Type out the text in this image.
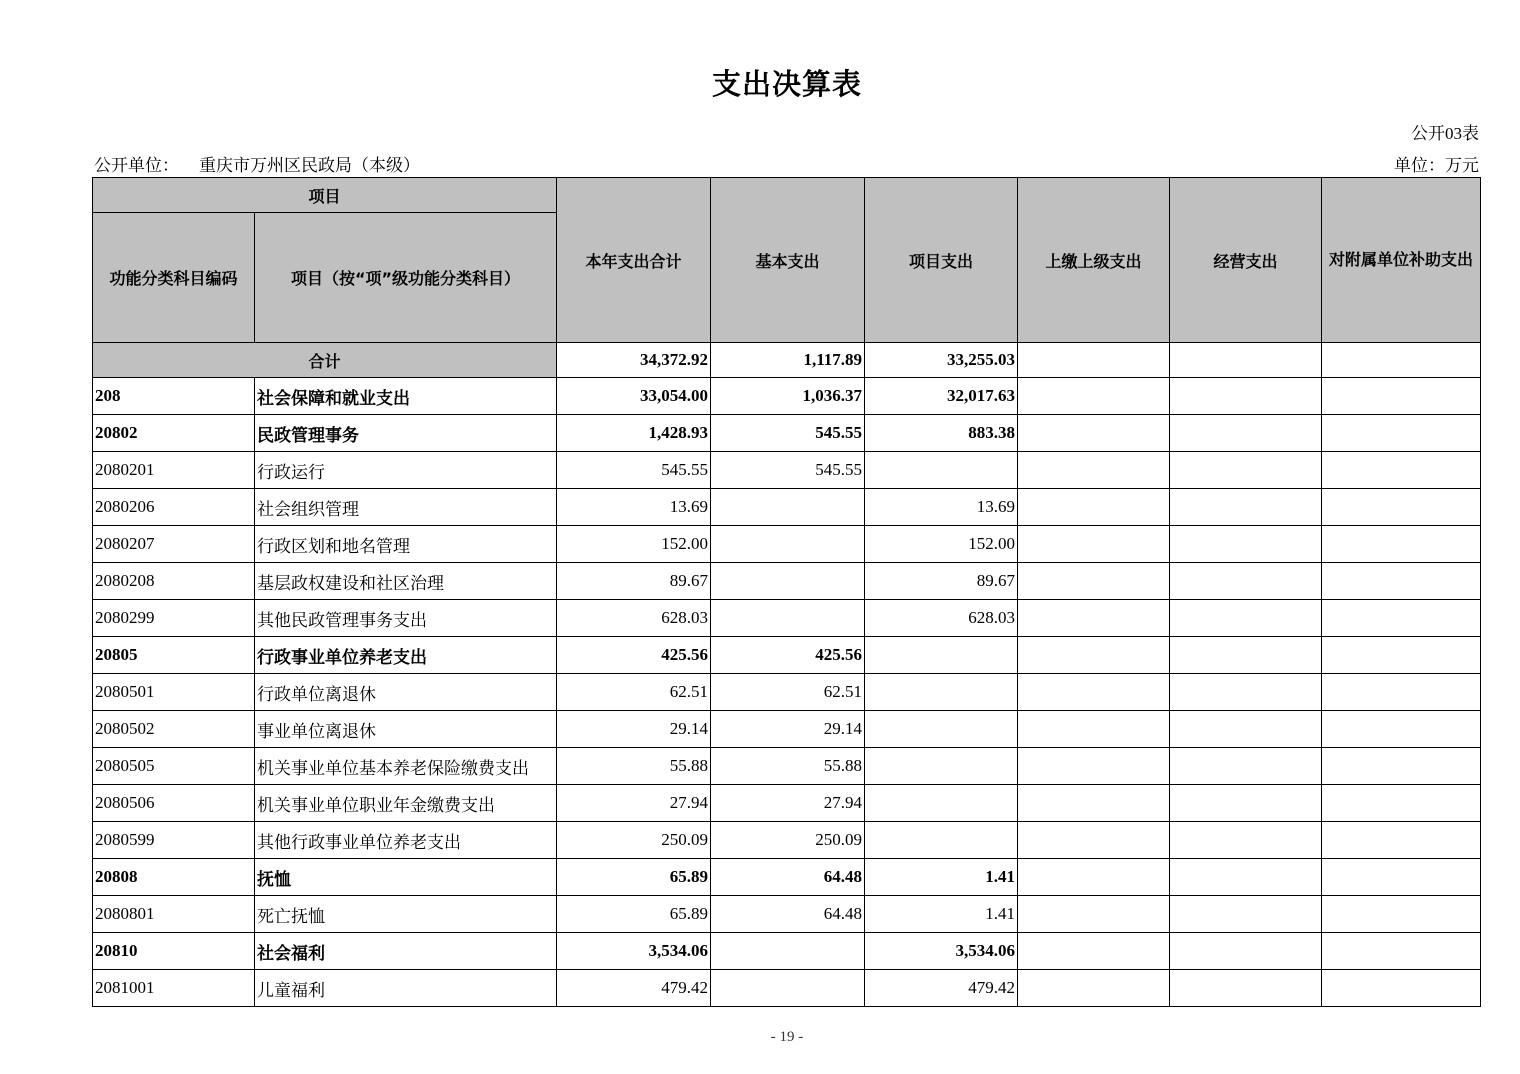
支出决算表
公开03表
公开单位： 重庆市万州区民政局（本级）	单位：万元
项目		本年支出合计	基本支出	项目支出	上缴上级支出	经营支出	对附属单位补助支出
功能分类科目编码	项目（按“项”级功能分类科目）						
合计		34,372.92	1,117.89	33,255.03			
208	社会保障和就业支出	33,054.00	1,036.37	32,017.63			
20802	民政管理事务	1,428.93	545.55	883.38			
2080201	行政运行	545.55	545.55				
2080206	社会组织管理	13.69		13.69			
2080207	行政区划和地名管理	152.00		152.00			
2080208	基层政权建设和社区治理	89.67		89.67			
2080299	其他民政管理事务支出	628.03		628.03			
20805	行政事业单位养老支出	425.56	425.56				
2080501	行政单位离退休	62.51	62.51				
2080502	事业单位离退休	29.14	29.14				
2080505	机关事业单位基本养老保险缴费支出	55.88	55.88				
2080506	机关事业单位职业年金缴费支出	27.94	27.94				
2080599	其他行政事业单位养老支出	250.09	250.09				
20808	抚恤	65.89	64.48	1.41			
2080801	死亡抚恤	65.89	64.48	1.41			
20810	社会福利	3,534.06		3,534.06			
2081001	儿童福利	479.42		479.42			
- 19 -
